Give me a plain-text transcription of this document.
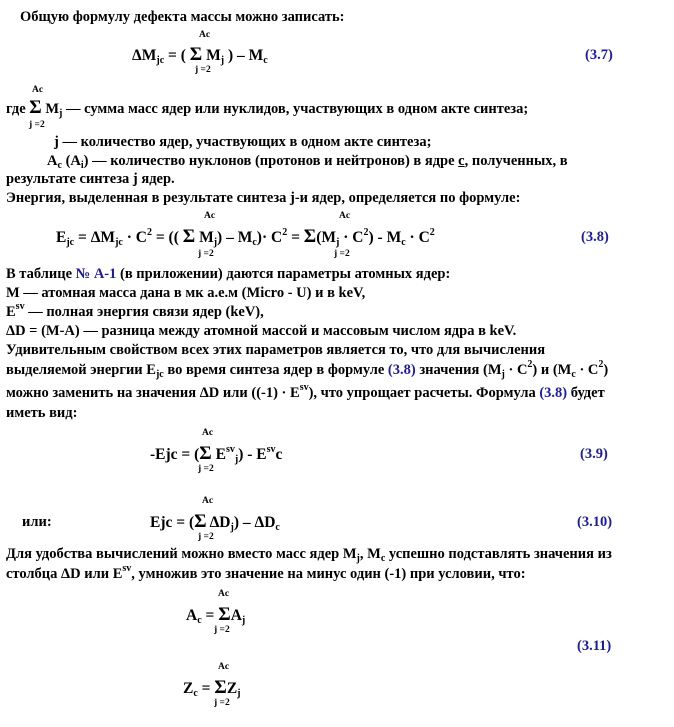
Общую формулу дефекта массы можно записать:
Ac
$\Delta M_{jc}$ = ( Σ $M_j$ ) – $M_c$
j =2
(3.7)
Ac
где Σ $M_j$ — сумма масс ядер или нуклидов, участвующих в одном акте синтеза;
j =2
j — количество ядер, участвующих в одном акте синтеза;
$A_c$ $(A_i)$ — количество нуклонов (протонов и нейтронов) в ядре с, полученных, в
результате синтеза j ядер.
Энергия, выделенная в результате синтеза j-и ядер, определяется по формуле:
Ac	Ac
$E_{jc} = \Delta M_{jc} \cdot C^2$ = (( Σ $M_j) - M_c)\cdot C^2 = \Sigma(M_j \cdot C^2) - M_c \cdot C^2$
j =2	j =2
(3.8)
В таблице № А-1 (в приложении) даются параметры атомных ядер:
M — атомная масса дана в мк а.е.м (Micro - U) и в keV,
$E^{sv}$ — полная энергия связи ядер (keV),
ΔD = (M-A) — разница между атомной массой и массовым числом ядра в keV.
Удивительным свойством всех этих параметров является то, что для вычисления
выделяемой энергии $E_{jc}$ во время синтеза ядер в формуле (3.8) значения $(M_j \cdot C^2)$ и $(M_c \cdot C^2)$
можно заменить на значения ΔD или $((-1) \cdot E^{sv})$, что упрощает расчеты. Формула (3.8) будет
иметь вид:
Ac
-Ejc = (Σ $E^{sv}_j) - E^{sv}c$
j =2
(3.9)
или:
Ac
Ejc = (Σ $\Delta D_j) - \Delta D_c$
j =2
(3.10)
Для удобства вычислений можно вместо масс ядер $M_j$, $M_c$ успешно подставлять значения из
столбца ΔD или $E^{sv}$, умножив это значение на минус один (-1) при условии, что:
Ac
$A_c = \Sigma A_j$
j =2
(3.11)
Ac
$Z_c = \Sigma Z_j$
j =2
